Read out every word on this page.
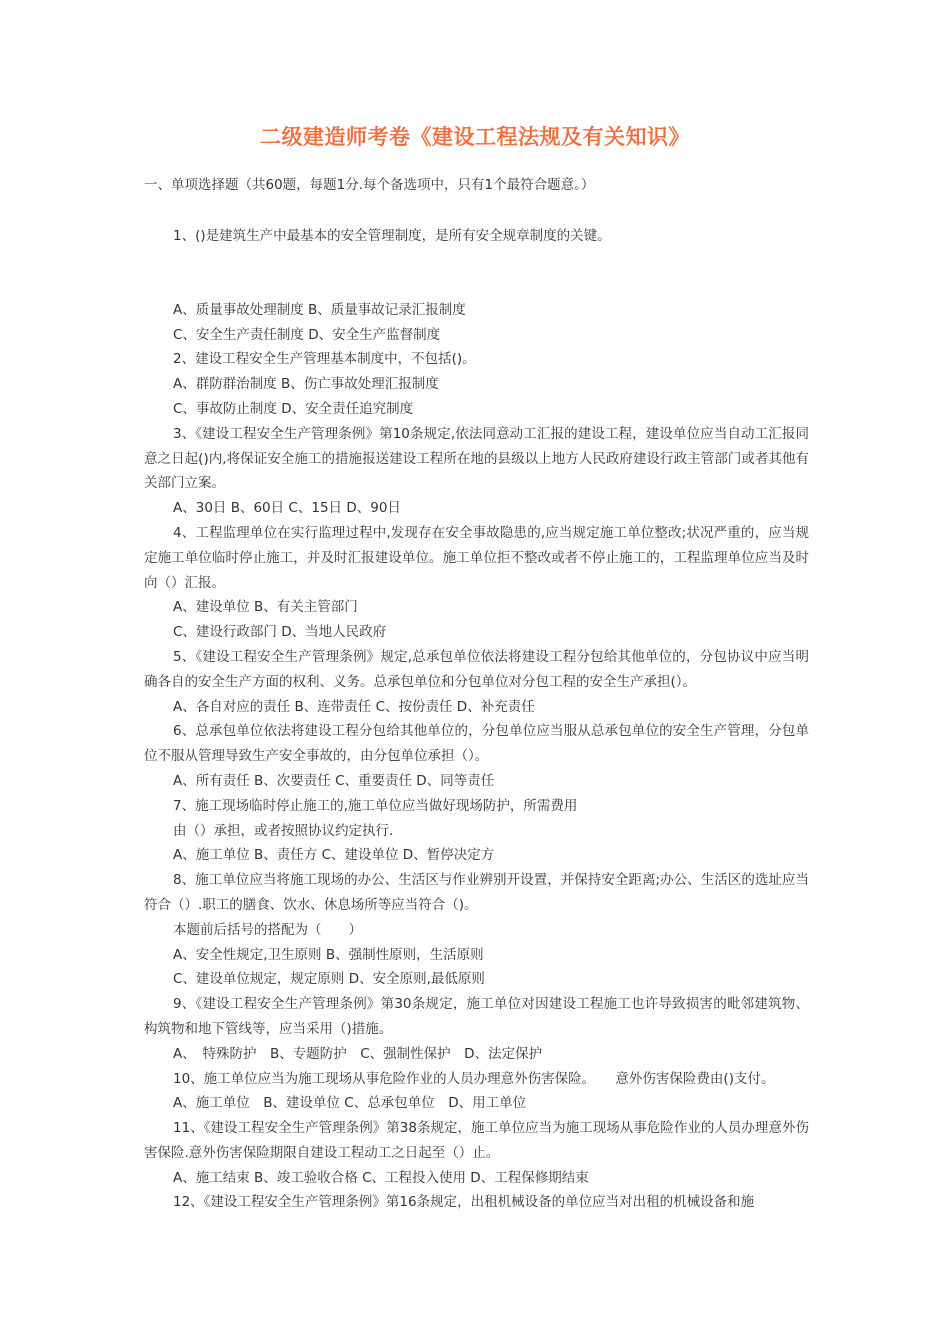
二级建造师考卷《建设工程法规及有关知识》
一、单项选择题（共60题，每题1分.每个备选项中，只有1个最符合题意。）

1、()是建筑生产中最基本的安全管理制度，是所有安全规章制度的关键。

A、质量事故处理制度 B、质量事故记录汇报制度

C、安全生产责任制度 D、安全生产监督制度

2、建设工程安全生产管理基本制度中，不包括()。

A、群防群治制度 B、伤亡事故处理汇报制度

C、事故防止制度 D、安全责任追究制度

3、《建设工程安全生产管理条例》第10条规定,依法同意动工汇报的建设工程，建设单位应当自动工汇报同意之日起()内,将保证安全施工的措施报送建设工程所在地的县级以上地方人民政府建设行政主管部门或者其他有关部门立案。

A、30日 B、60日 C、15日 D、90日

4、工程监理单位在实行监理过程中,发现存在安全事故隐患的,应当规定施工单位整改;状况严重的，应当规定施工单位临时停止施工，并及时汇报建设单位。施工单位拒不整改或者不停止施工的，工程监理单位应当及时向（）汇报。

A、建设单位 B、有关主管部门

C、建设行政部门 D、当地人民政府

5、《建设工程安全生产管理条例》规定,总承包单位依法将建设工程分包给其他单位的，分包协议中应当明确各自的安全生产方面的权利、义务。总承包单位和分包单位对分包工程的安全生产承担(）。

A、各自对应的责任 B、连带责任 C、按份责任 D、补充责任

6、总承包单位依法将建设工程分包给其他单位的，分包单位应当服从总承包单位的安全生产管理，分包单位不服从管理导致生产安全事故的，由分包单位承担（）。

A、所有责任 B、次要责任 C、重要责任 D、同等责任

7、施工现场临时停止施工的,施工单位应当做好现场防护，所需费用

由（）承担，或者按照协议约定执行.

A、施工单位 B、责任方 C、建设单位 D、暂停决定方

8、施工单位应当将施工现场的办公、生活区与作业辨别开设置，并保持安全距离;办公、生活区的选址应当符合（）.职工的膳食、饮水、休息场所等应当符合（)。

本题前后括号的搭配为（　　）

A、安全性规定,卫生原则 B、强制性原则，生活原则

C、建设单位规定，规定原则 D、安全原则,最低原则

9、《建设工程安全生产管理条例》第30条规定，施工单位对因建设工程施工也许导致损害的毗邻建筑物、构筑物和地下管线等，应当采用（)措施。

A、　特殊防护　B、专题防护　C、强制性保护　D、法定保护

10、施工单位应当为施工现场从事危险作业的人员办理意外伤害保险。　　意外伤害保险费由()支付。

A、施工单位　B、建设单位 C、总承包单位　D、用工单位

11、《建设工程安全生产管理条例》第38条规定，施工单位应当为施工现场从事危险作业的人员办理意外伤害保险.意外伤害保险期限自建设工程动工之日起至（）止。

A、施工结束 B、竣工验收合格 C、工程投入使用 D、工程保修期结束

12、《建设工程安全生产管理条例》第16条规定，出租机械设备的单位应当对出租的机械设备和施
